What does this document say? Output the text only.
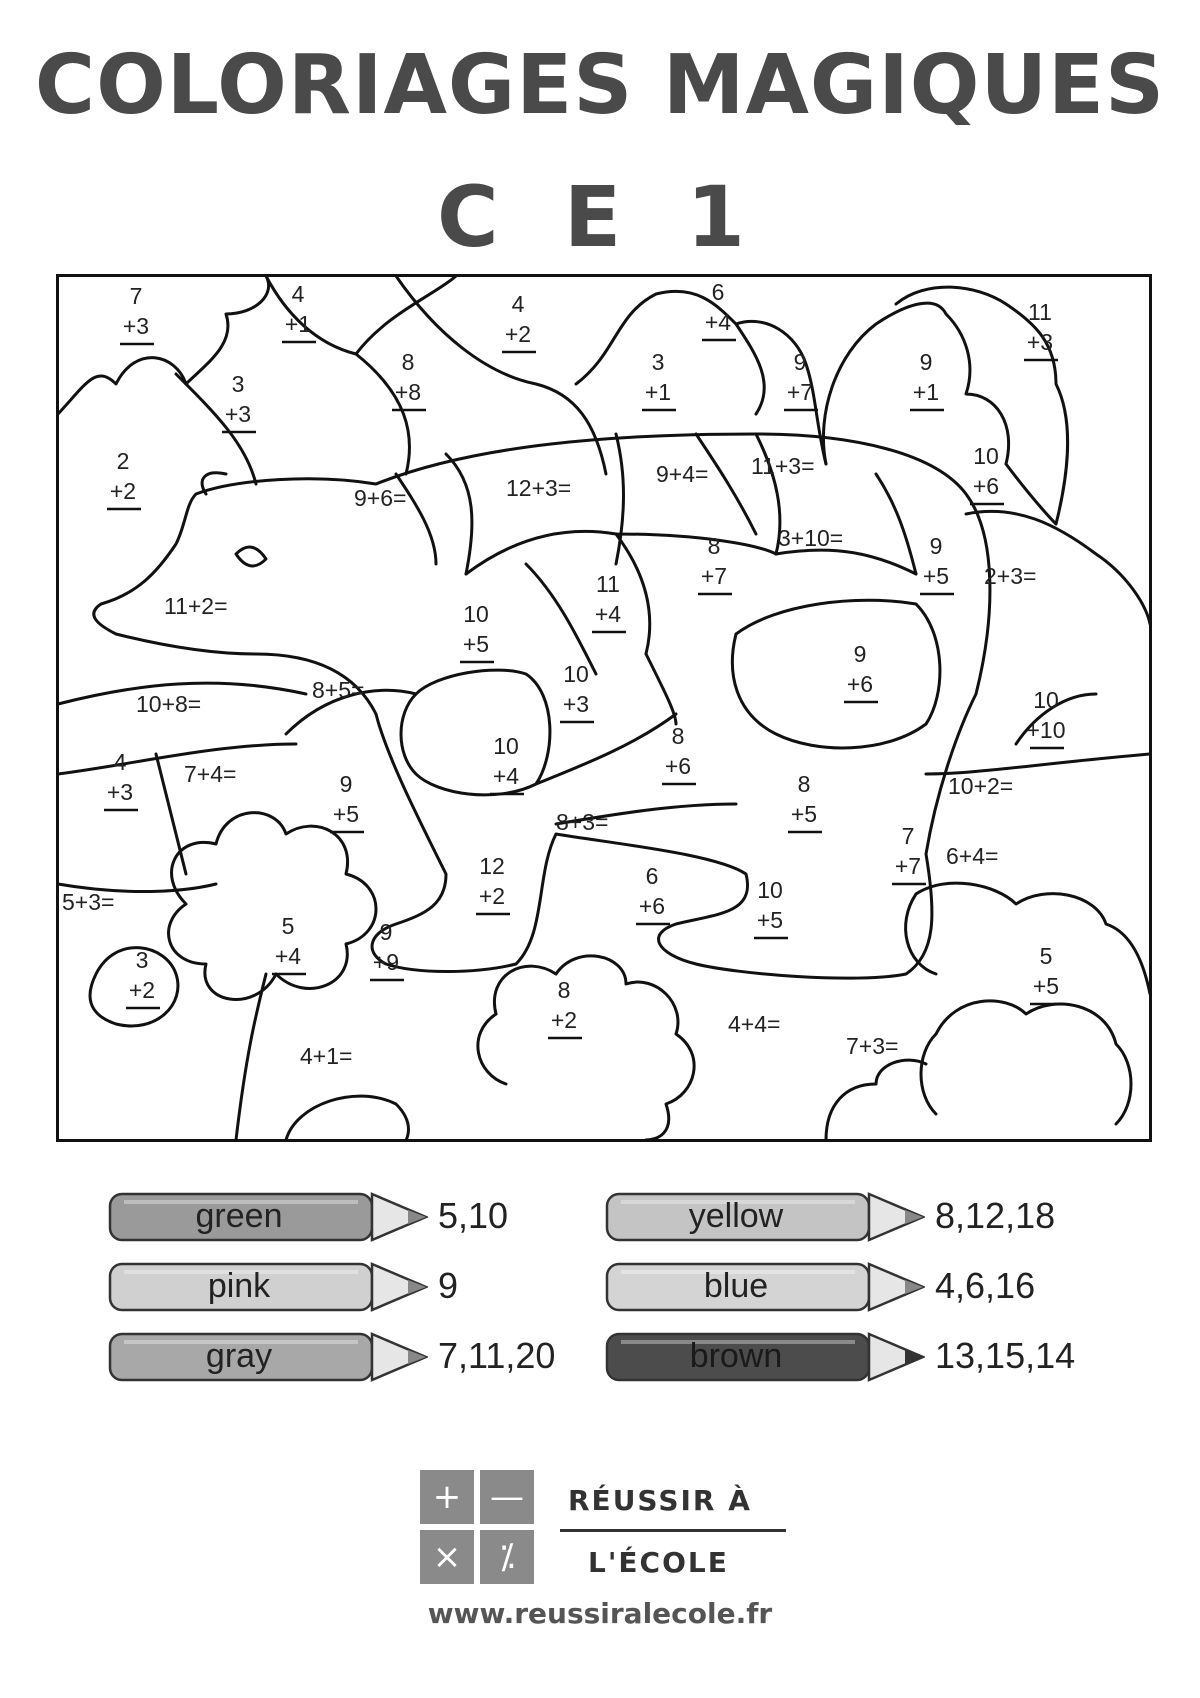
COLORIAGES MAGIQUES
C E 1
7
+3
4
+1
4
+2
6
+4	11
+3
8
+8
3
+1
9
+7
9
+1
3
+3
2
+2
10
+6
8
+7
9
+5
11
+4
10
+5	9
+6
10
+3	10
+10
10
+4
8
+6
4
+3	9
+5
8
+5
7
+7
12
+2
6
+6
10
+5
5
+4
9
+9
3
+2	8
+2
5
+5
9+6=	12+3=
9+4= 11+3=
3+10=
11+2=
2+3=
10+8=
8+5=
7+4=	10+2=
8+3=
6+4=
5+3=
4+4=
7+3=
4+1=
green	5,10	yellow	8,12,18
pink	9	blue	4,6,16
gray	7,11,20	brown	13,15,14
+ —
×	⁒
RÉUSSIR À
L'ÉCOLE
www.reussiralecole.fr
